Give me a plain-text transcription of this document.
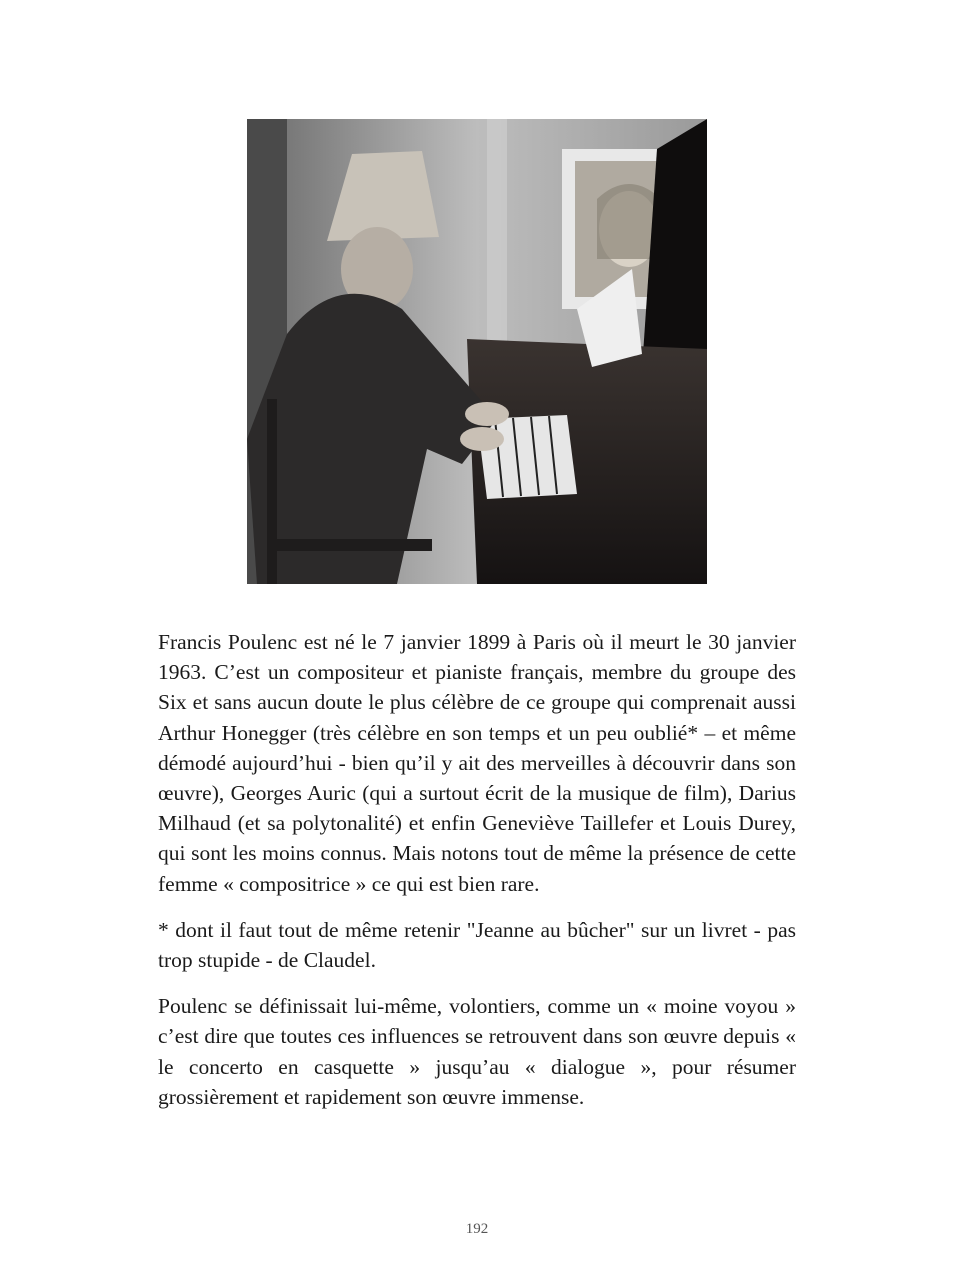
Francis Poulenc est né le 7 janvier 1899 à Paris où il meurt le 30 janvier 1963. C’est un compositeur et pianiste français, membre du groupe des Six et sans aucun doute le plus célèbre de ce groupe qui comprenait aussi Arthur Honegger (très célèbre en son temps et un peu oublié* – et même démodé aujourd’hui - bien qu’il y ait des merveilles à découvrir dans son œuvre), Georges Auric (qui a surtout écrit de la musique de film), Darius Milhaud (et sa polytonalité) et enfin Geneviève Taillefer et Louis Durey, qui sont les moins connus. Mais notons tout de même la présence de cette femme « compositrice » ce qui est bien rare.

* dont il faut tout de même retenir "Jeanne au bûcher" sur un livret - pas trop stupide - de Claudel.

Poulenc se définissait lui-même, volontiers, comme un « moine voyou » c’est dire que toutes ces influences se retrouvent dans son œuvre depuis « le concerto en casquette » jusqu’au « dialogue », pour résumer grossièrement et rapidement son œuvre immense.

192
